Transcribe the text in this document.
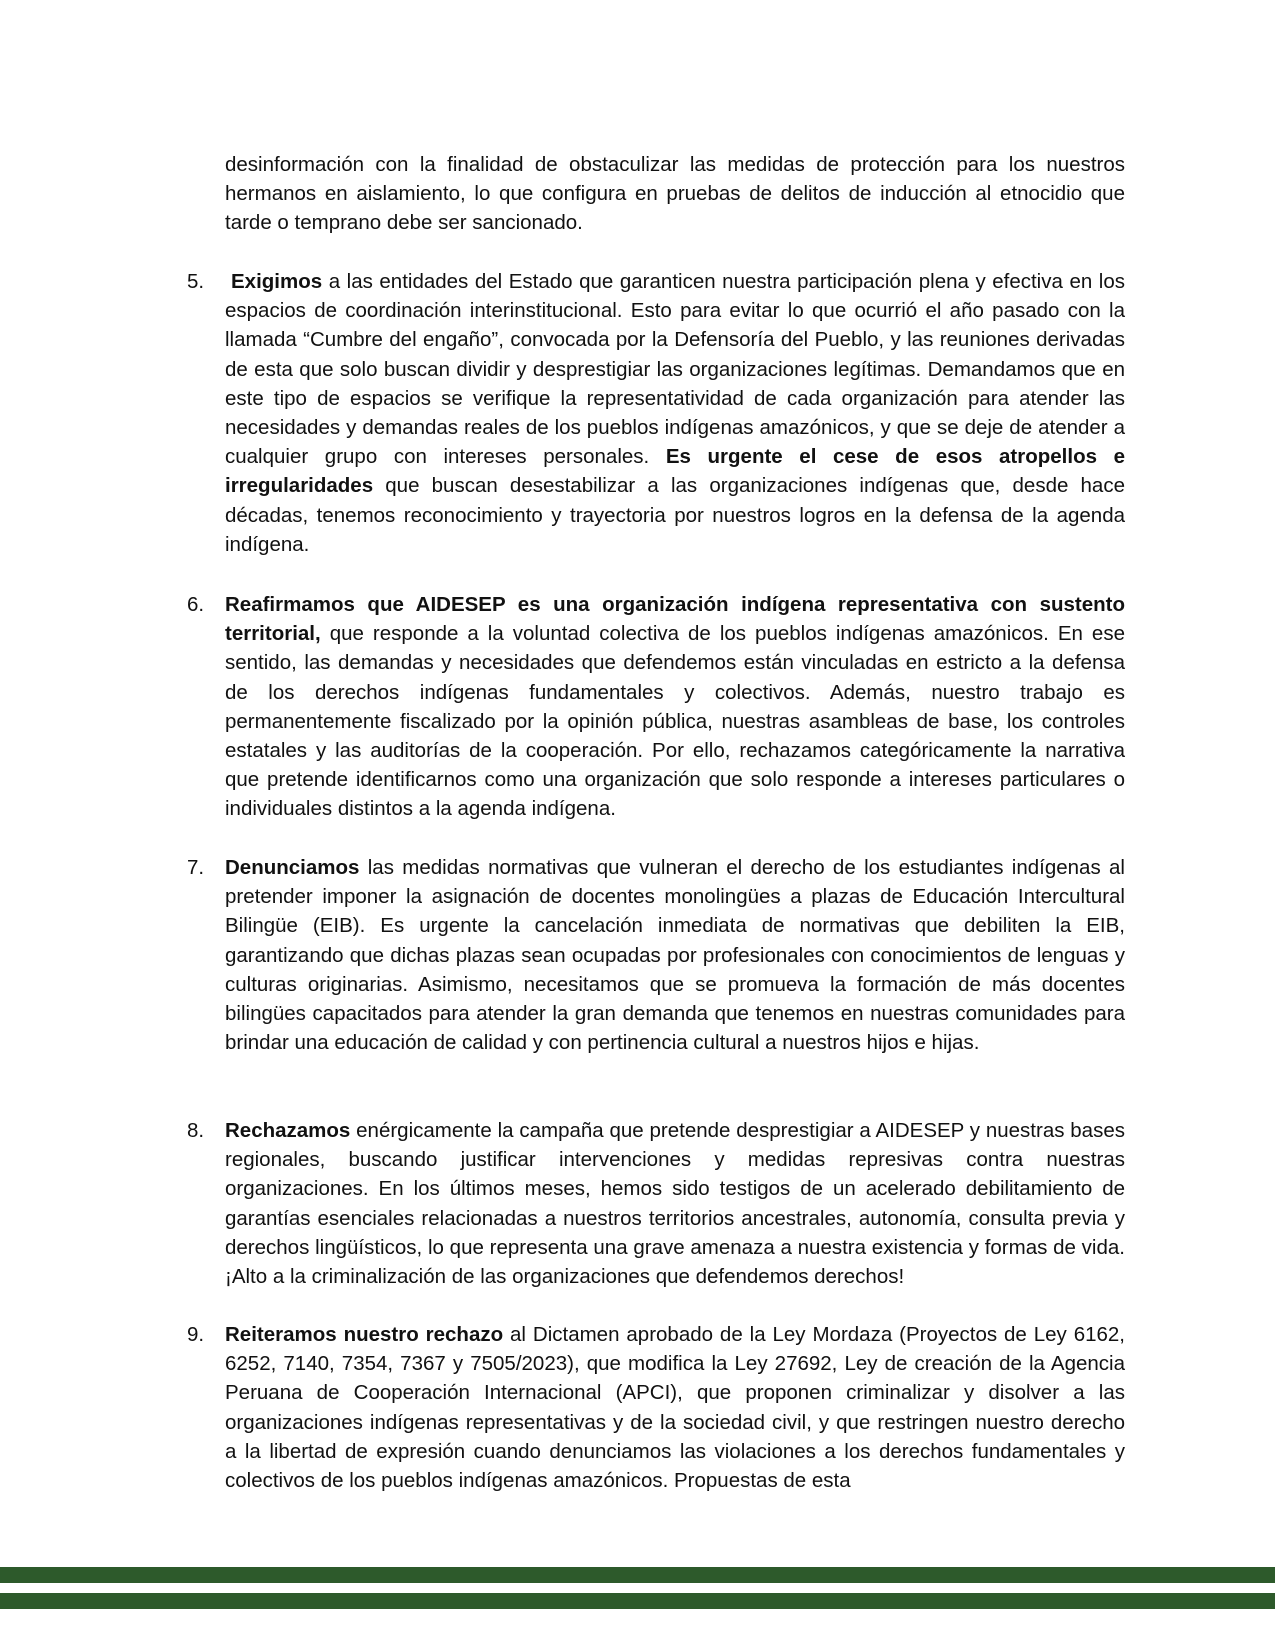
desinformación con la finalidad de obstaculizar las medidas de protección para los nuestros hermanos en aislamiento, lo que configura en pruebas de delitos de inducción al etnocidio que tarde o temprano debe ser sancionado.

5.	Exigimos a las entidades del Estado que garanticen nuestra participación plena y efectiva en los espacios de coordinación interinstitucional. Esto para evitar lo que ocurrió el año pasado con la llamada “Cumbre del engaño”, convocada por la Defensoría del Pueblo, y las reuniones derivadas de esta que solo buscan dividir y desprestigiar las organizaciones legítimas. Demandamos que en este tipo de espacios se verifique la representatividad de cada organización para atender las necesidades y demandas reales de los pueblos indígenas amazónicos, y que se deje de atender a cualquier grupo con intereses personales. Es urgente el cese de esos atropellos e irregularidades que buscan desestabilizar a las organizaciones indígenas que, desde hace décadas, tenemos reconocimiento y trayectoria por nuestros logros en la defensa de la agenda indígena.

6.	Reafirmamos que AIDESEP es una organización indígena representativa con sustento territorial, que responde a la voluntad colectiva de los pueblos indígenas amazónicos. En ese sentido, las demandas y necesidades que defendemos están vinculadas en estricto a la defensa de los derechos indígenas fundamentales y colectivos. Además, nuestro trabajo es permanentemente fiscalizado por la opinión pública, nuestras asambleas de base, los controles estatales y las auditorías de la cooperación. Por ello, rechazamos categóricamente la narrativa que pretende identificarnos como una organización que solo responde a intereses particulares o individuales distintos a la agenda indígena.

7.	Denunciamos las medidas normativas que vulneran el derecho de los estudiantes indígenas al pretender imponer la asignación de docentes monolingües a plazas de Educación Intercultural Bilingüe (EIB). Es urgente la cancelación inmediata de normativas que debiliten la EIB, garantizando que dichas plazas sean ocupadas por profesionales con conocimientos de lenguas y culturas originarias. Asimismo, necesitamos que se promueva la formación de más docentes bilingües capacitados para atender la gran demanda que tenemos en nuestras comunidades para brindar una educación de calidad y con pertinencia cultural a nuestros hijos e hijas.

8.	Rechazamos enérgicamente la campaña que pretende desprestigiar a AIDESEP y nuestras bases regionales, buscando justificar intervenciones y medidas represivas contra nuestras organizaciones. En los últimos meses, hemos sido testigos de un acelerado debilitamiento de garantías esenciales relacionadas a nuestros territorios ancestrales, autonomía, consulta previa y derechos lingüísticos, lo que representa una grave amenaza a nuestra existencia y formas de vida. ¡Alto a la criminalización de las organizaciones que defendemos derechos!

9.	Reiteramos nuestro rechazo al Dictamen aprobado de la Ley Mordaza (Proyectos de Ley 6162, 6252, 7140, 7354, 7367 y 7505/2023), que modifica la Ley 27692, Ley de creación de la Agencia Peruana de Cooperación Internacional (APCI), que proponen criminalizar y disolver a las organizaciones indígenas representativas y de la sociedad civil, y que restringen nuestro derecho a la libertad de expresión cuando denunciamos las violaciones a los derechos fundamentales y colectivos de los pueblos indígenas amazónicos. Propuestas de esta
